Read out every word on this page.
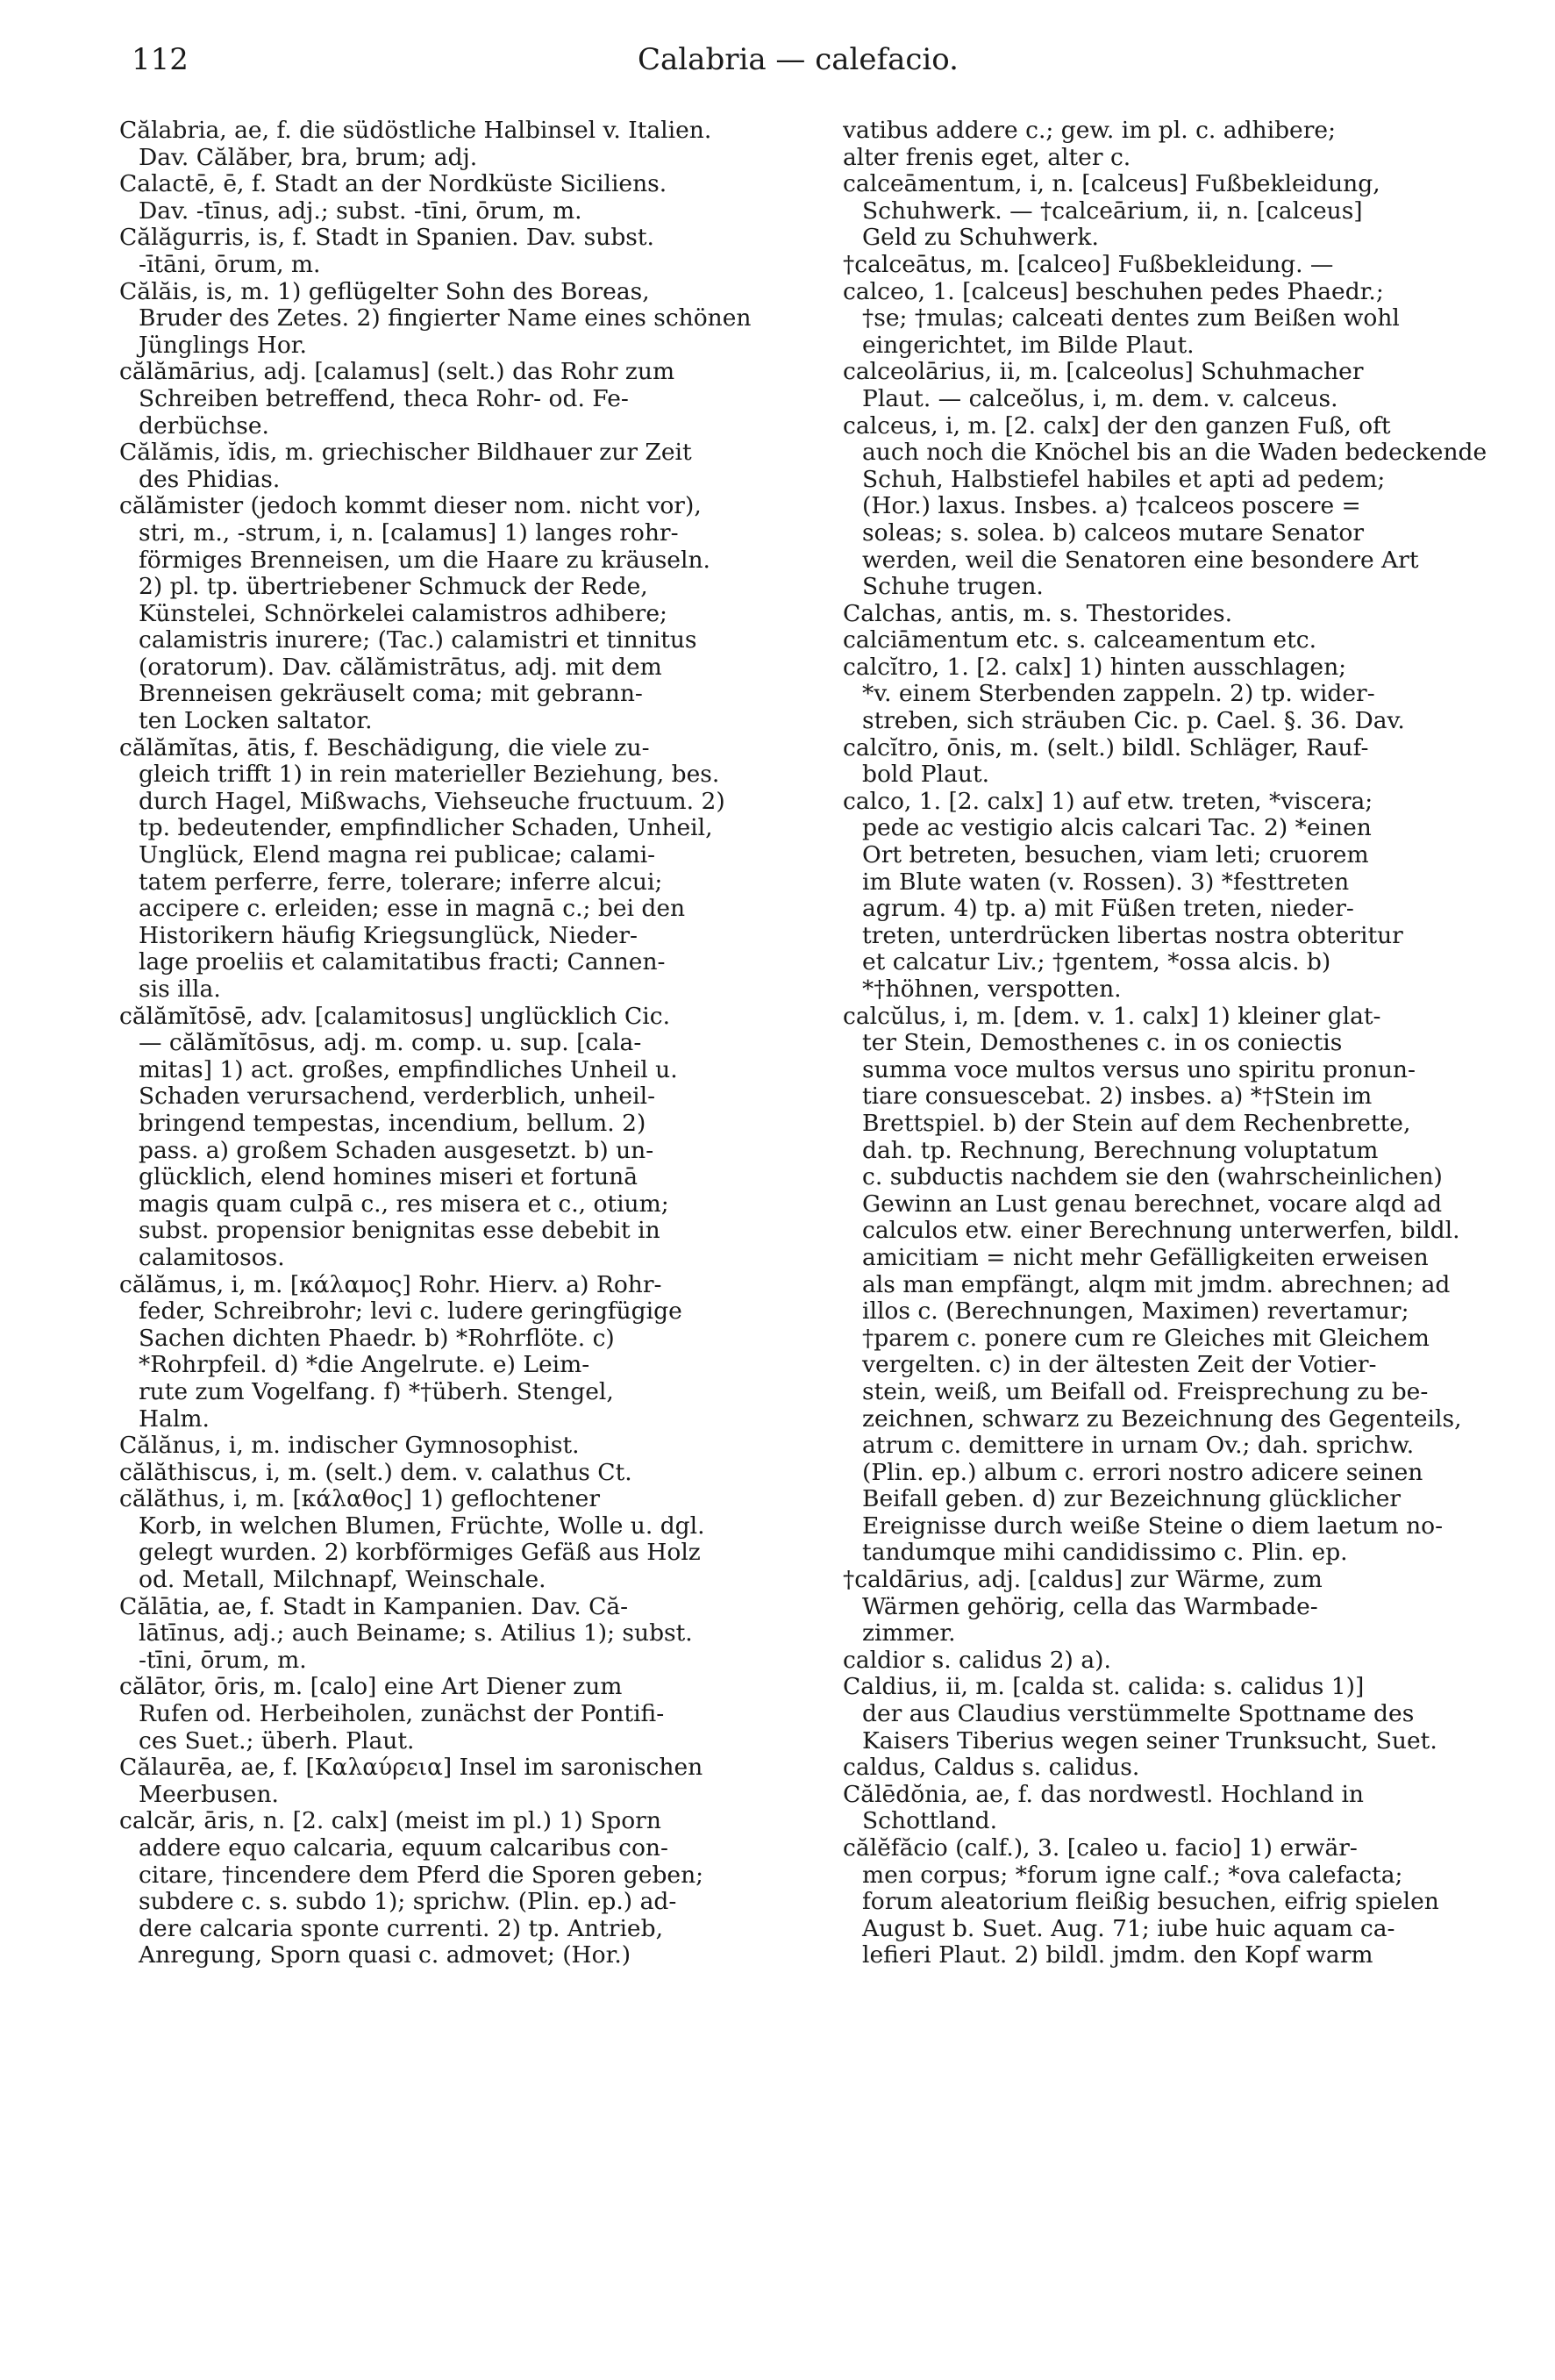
112	Calabria — calefacio.
Călabria, ae, f. die südöstliche Halbinsel v. Italien.
Dav. Călăber, bra, brum; adj.
Calactē, ē, f. Stadt an der Nordküste Siciliens.
Dav. -tīnus, adj.; subst. -tīni, ōrum, m.
Călăgurris, is, f. Stadt in Spanien. Dav. subst.
-ītāni, ōrum, m.
Călăis, is, m. 1) geflügelter Sohn des Boreas,
Bruder des Zetes. 2) fingierter Name eines schönen
Jünglings Hor.
călămārius, adj. [calamus] (selt.) das Rohr zum
Schreiben betreffend, theca Rohr- od. Fe-
derbüchse.
Călămis, ĭdis, m. griechischer Bildhauer zur Zeit
des Phidias.
călămister (jedoch kommt dieser nom. nicht vor),
stri, m., -strum, i, n. [calamus] 1) langes rohr-
förmiges Brenneisen, um die Haare zu kräuseln.
2) pl. tp. übertriebener Schmuck der Rede,
Künstelei, Schnörkelei calamistros adhibere;
calamistris inurere; (Tac.) calamistri et tinnitus
(oratorum). Dav. călămistrātus, adj. mit dem
Brenneisen gekräuselt coma; mit gebrann-
ten Locken saltator.
călămĭtas, ātis, f. Beschädigung, die viele zu-
gleich trifft 1) in rein materieller Beziehung, bes.
durch Hagel, Mißwachs, Viehseuche fructuum. 2)
tp. bedeutender, empfindlicher Schaden, Unheil,
Unglück, Elend magna rei publicae; calami-
tatem perferre, ferre, tolerare; inferre alcui;
accipere c. erleiden; esse in magnā c.; bei den
Historikern häufig Kriegsunglück, Nieder-
lage proeliis et calamitatibus fracti; Cannen-
sis illa.
călămĭtōsē, adv. [calamitosus] unglücklich Cic.
— călămĭtōsus, adj. m. comp. u. sup. [cala-
mitas] 1) act. großes, empfindliches Unheil u.
Schaden verursachend, verderblich, unheil-
bringend tempestas, incendium, bellum. 2)
pass. a) großem Schaden ausgesetzt. b) un-
glücklich, elend homines miseri et fortunā
magis quam culpā c., res misera et c., otium;
subst. propensior benignitas esse debebit in
calamitosos.
călămus, i, m. [κάλαμος] Rohr. Hierv. a) Rohr-
feder, Schreibrohr; levi c. ludere geringfügige
Sachen dichten Phaedr. b) *Rohrflöte. c)
*Rohrpfeil. d) *die Angelrute. e) Leim-
rute zum Vogelfang. f) *†überh. Stengel,
Halm.
Călănus, i, m. indischer Gymnosophist.
călăthiscus, i, m. (selt.) dem. v. calathus Ct.
călăthus, i, m. [κάλαθος] 1) geflochtener
Korb, in welchen Blumen, Früchte, Wolle u. dgl.
gelegt wurden. 2) korbförmiges Gefäß aus Holz
od. Metall, Milchnapf, Weinschale.
Călātia, ae, f. Stadt in Kampanien. Dav. Că-
lātīnus, adj.; auch Beiname; s. Atilius 1); subst.
-tīni, ōrum, m.
călātor, ōris, m. [calo] eine Art Diener zum
Rufen od. Herbeiholen, zunächst der Pontifi-
ces Suet.; überh. Plaut.
Călaurēa, ae, f. [Καλαύρεια] Insel im saronischen
Meerbusen.
calcăr, āris, n. [2. calx] (meist im pl.) 1) Sporn
addere equo calcaria, equum calcaribus con-
citare, †incendere dem Pferd die Sporen geben;
subdere c. s. subdo 1); sprichw. (Plin. ep.) ad-
dere calcaria sponte currenti. 2) tp. Antrieb,
Anregung, Sporn quasi c. admovet; (Hor.)
vatibus addere c.; gew. im pl. c. adhibere;
alter frenis eget, alter c.
calceāmentum, i, n. [calceus] Fußbekleidung,
Schuhwerk. — †calceārium, ii, n. [calceus]
Geld zu Schuhwerk.
†calceātus, m. [calceo] Fußbekleidung. —
calceo, 1. [calceus] beschuhen pedes Phaedr.;
†se; †mulas; calceati dentes zum Beißen wohl
eingerichtet, im Bilde Plaut.
calceolārius, ii, m. [calceolus] Schuhmacher
Plaut. — calceŏlus, i, m. dem. v. calceus.
calceus, i, m. [2. calx] der den ganzen Fuß, oft
auch noch die Knöchel bis an die Waden bedeckende
Schuh, Halbstiefel habiles et apti ad pedem;
(Hor.) laxus. Insbes. a) †calceos poscere =
soleas; s. solea. b) calceos mutare Senator
werden, weil die Senatoren eine besondere Art
Schuhe trugen.
Calchas, antis, m. s. Thestorides.
calciāmentum etc. s. calceamentum etc.
calcĭtro, 1. [2. calx] 1) hinten ausschlagen;
*v. einem Sterbenden zappeln. 2) tp. wider-
streben, sich sträuben Cic. p. Cael. §. 36. Dav.
calcĭtro, ōnis, m. (selt.) bildl. Schläger, Rauf-
bold Plaut.
calco, 1. [2. calx] 1) auf etw. treten, *viscera;
pede ac vestigio alcis calcari Tac. 2) *einen
Ort betreten, besuchen, viam leti; cruorem
im Blute waten (v. Rossen). 3) *festtreten
agrum. 4) tp. a) mit Füßen treten, nieder-
treten, unterdrücken libertas nostra obteritur
et calcatur Liv.; †gentem, *ossa alcis. b)
*†höhnen, verspotten.
calcŭlus, i, m. [dem. v. 1. calx] 1) kleiner glat-
ter Stein, Demosthenes c. in os coniectis
summa voce multos versus uno spiritu pronun-
tiare consuescebat. 2) insbes. a) *†Stein im
Brettspiel. b) der Stein auf dem Rechenbrette,
dah. tp. Rechnung, Berechnung voluptatum
c. subductis nachdem sie den (wahrscheinlichen)
Gewinn an Lust genau berechnet, vocare alqd ad
calculos etw. einer Berechnung unterwerfen, bildl.
amicitiam = nicht mehr Gefälligkeiten erweisen
als man empfängt, alqm mit jmdm. abrechnen; ad
illos c. (Berechnungen, Maximen) revertamur;
†parem c. ponere cum re Gleiches mit Gleichem
vergelten. c) in der ältesten Zeit der Votier-
stein, weiß, um Beifall od. Freisprechung zu be-
zeichnen, schwarz zu Bezeichnung des Gegenteils,
atrum c. demittere in urnam Ov.; dah. sprichw.
(Plin. ep.) album c. errori nostro adicere seinen
Beifall geben. d) zur Bezeichnung glücklicher
Ereignisse durch weiße Steine o diem laetum no-
tandumque mihi candidissimo c. Plin. ep.
†caldārius, adj. [caldus] zur Wärme, zum
Wärmen gehörig, cella das Warmbade-
zimmer.
caldior s. calidus 2) a).
Caldius, ii, m. [calda st. calida: s. calidus 1)]
der aus Claudius verstümmelte Spottname des
Kaisers Tiberius wegen seiner Trunksucht, Suet.
caldus, Caldus s. calidus.
Călēdŏnia, ae, f. das nordwestl. Hochland in
Schottland.
călĕfăcio (calf.), 3. [caleo u. facio] 1) erwär-
men corpus; *forum igne calf.; *ova calefacta;
forum aleatorium fleißig besuchen, eifrig spielen
August b. Suet. Aug. 71; iube huic aquam ca-
lefieri Plaut. 2) bildl. jmdm. den Kopf warm
